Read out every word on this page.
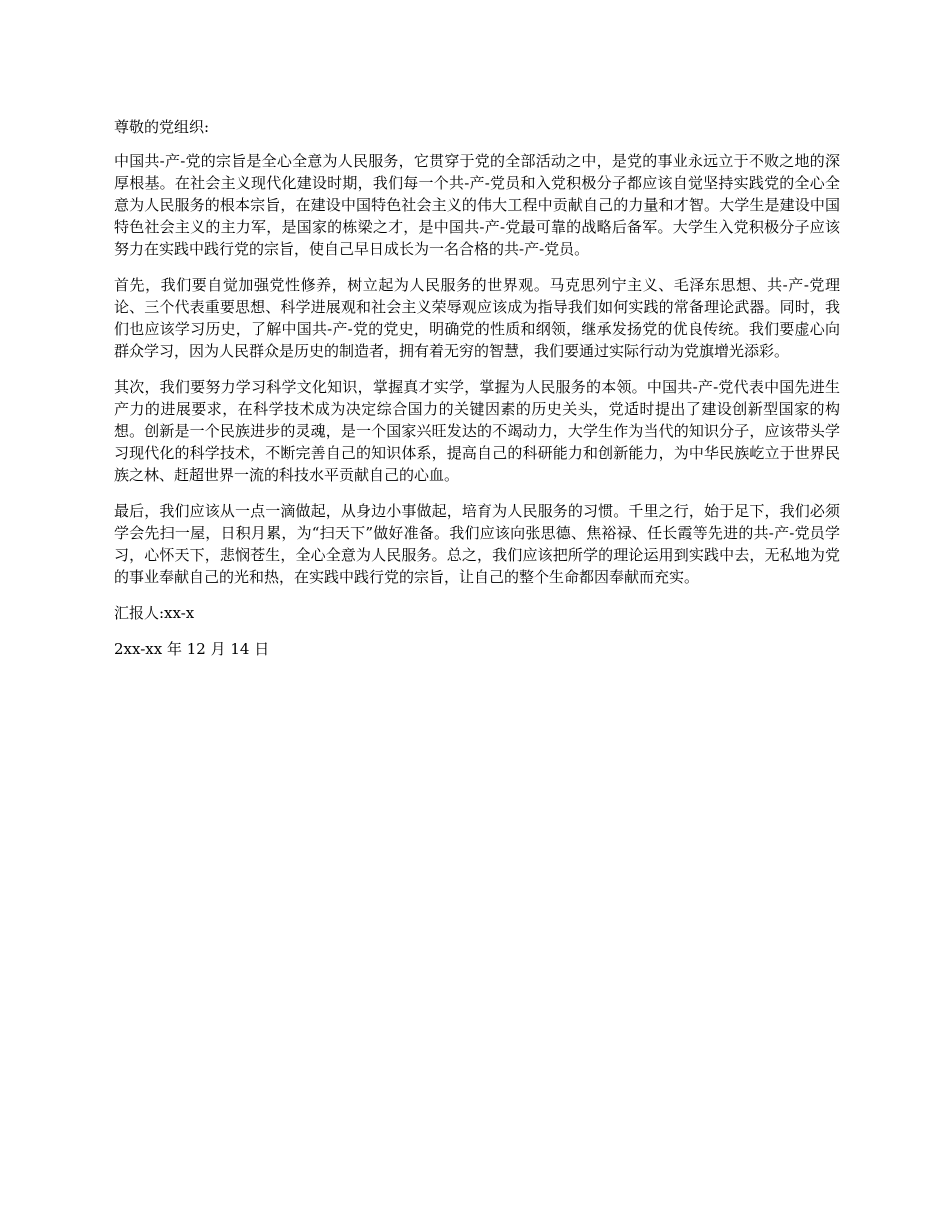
尊敬的党组织:

中国共-产-党的宗旨是全心全意为人民服务，它贯穿于党的全部活动之中，是党的事业永远立于不败之地的深厚根基。在社会主义现代化建设时期，我们每一个共-产-党员和入党积极分子都应该自觉坚持实践党的全心全意为人民服务的根本宗旨，在建设中国特色社会主义的伟大工程中贡献自己的力量和才智。大学生是建设中国特色社会主义的主力军，是国家的栋梁之才，是中国共-产-党最可靠的战略后备军。大学生入党积极分子应该努力在实践中践行党的宗旨，使自己早日成长为一名合格的共-产-党员。

首先，我们要自觉加强党性修养，树立起为人民服务的世界观。马克思列宁主义、毛泽东思想、共-产-党理论、三个代表重要思想、科学进展观和社会主义荣辱观应该成为指导我们如何实践的常备理论武器。同时，我们也应该学习历史，了解中国共-产-党的党史，明确党的性质和纲领，继承发扬党的优良传统。我们要虚心向群众学习，因为人民群众是历史的制造者，拥有着无穷的智慧，我们要通过实际行动为党旗增光添彩。

其次，我们要努力学习科学文化知识，掌握真才实学，掌握为人民服务的本领。中国共-产-党代表中国先进生产力的进展要求，在科学技术成为决定综合国力的关键因素的历史关头，党适时提出了建设创新型国家的构想。创新是一个民族进步的灵魂，是一个国家兴旺发达的不竭动力，大学生作为当代的知识分子，应该带头学习现代化的科学技术，不断完善自己的知识体系，提高自己的科研能力和创新能力，为中华民族屹立于世界民族之林、赶超世界一流的科技水平贡献自己的心血。

最后，我们应该从一点一滴做起，从身边小事做起，培育为人民服务的习惯。千里之行，始于足下，我们必须学会先扫一屋，日积月累，为“扫天下”做好准备。我们应该向张思德、焦裕禄、任长霞等先进的共-产-党员学习，心怀天下，悲悯苍生，全心全意为人民服务。总之，我们应该把所学的理论运用到实践中去，无私地为党的事业奉献自己的光和热，在实践中践行党的宗旨，让自己的整个生命都因奉献而充实。

汇报人:xx-x

2xx-xx 年 12 月 14 日
